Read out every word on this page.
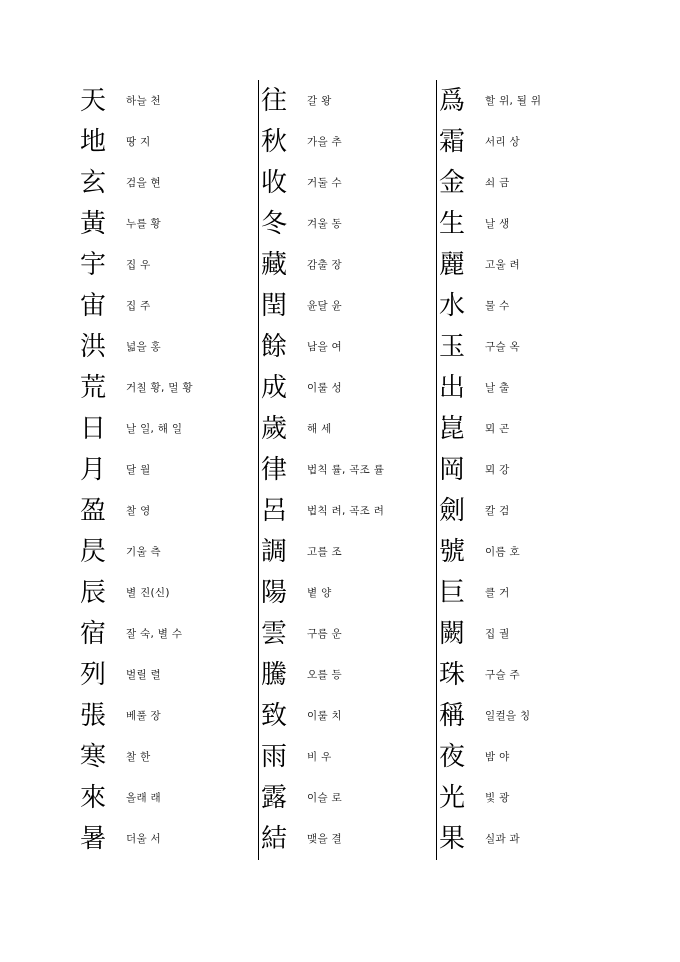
天	하늘 천
地	땅 지
玄	검을 현
黃	누를 황
宇	집 우
宙	집 주
洪	넓을 홍
荒	거칠 황, 멀 황
日	날 일, 해 일
月	달 월
盈	찰 영
昃	기울 측
辰	별 진(신)
宿	잘 숙, 별 수
列	벌릴 렬
張	베풀 장
寒	찰 한
來	올래 래
暑	더울 서
往	갈 왕
秋	가을 추
收	거둘 수
冬	겨울 동
藏	감출 장
閏	윤달 윤
餘	남을 여
成	이룰 성
歲	해 세
律	법칙 률, 곡조 률
呂	법칙 려, 곡조 려
調	고를 조
陽	볕 양
雲	구름 운
騰	오를 등
致	이룰 치
雨	비 우
露	이슬 로
結	맺을 결
爲	할 위, 될 위
霜	서리 상
金	쇠 금
生	날 생
麗	고울 려
水	물 수
玉	구슬 옥
出	날 출
崑	뫼 곤
岡	뫼 강
劍	칼 검
號	이름 호
巨	클 거
闕	집 궐
珠	구슬 주
稱	일컬을 칭
夜	밤 야
光	빛 광
果	실과 과
